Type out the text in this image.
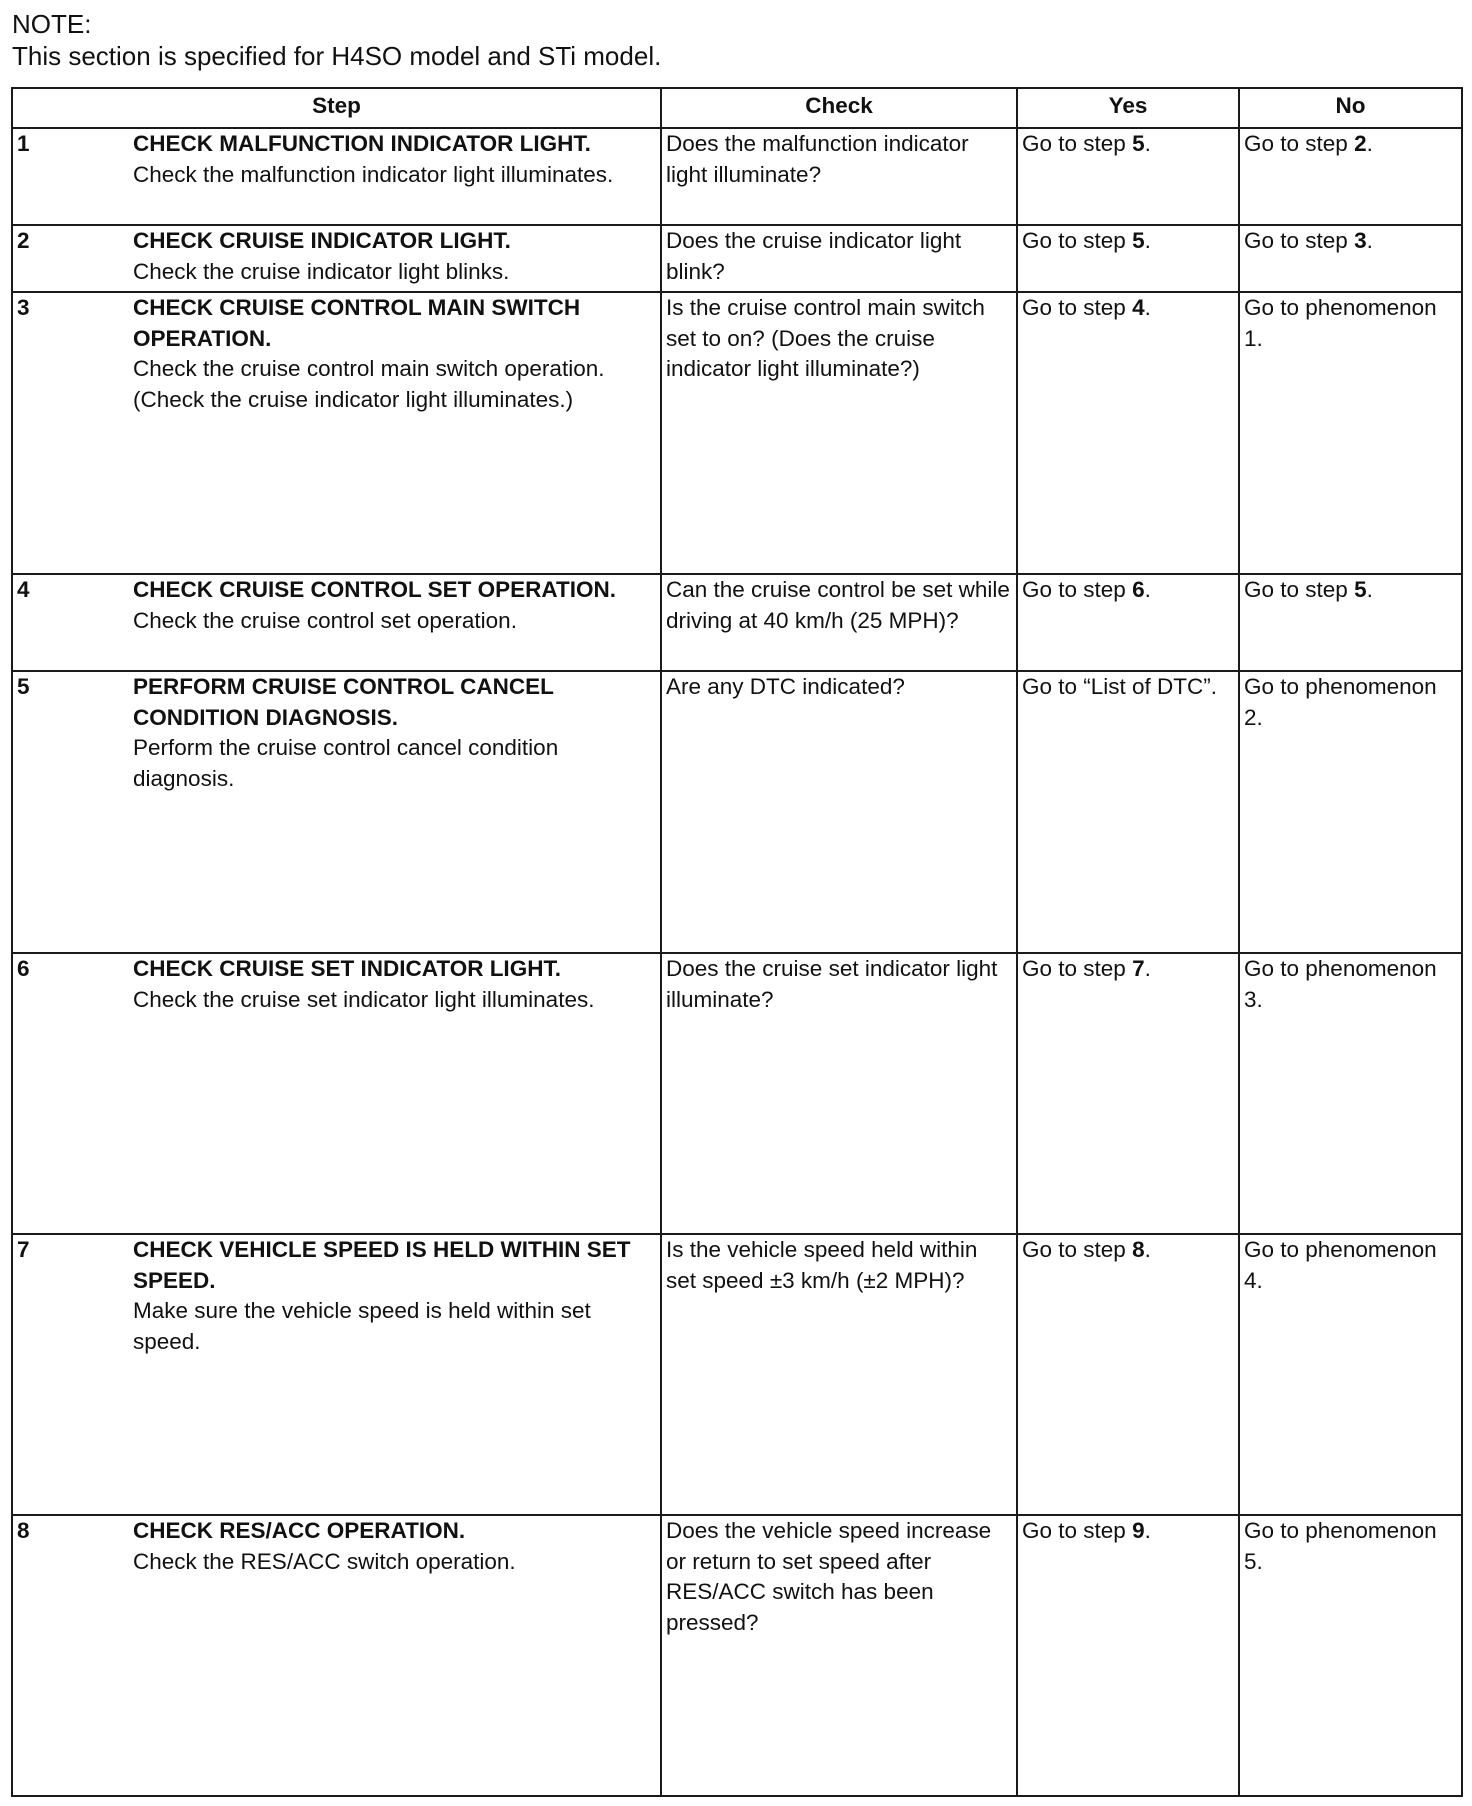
NOTE:
This section is specified for H4SO model and STi model.
Step	Check	Yes	No

1 CHECK MALFUNCTION INDICATOR LIGHT.
Check the malfunction indicator light illuminates.	Does the malfunction indicator light illuminate?	Go to step 5.	Go to step 2.

2 CHECK CRUISE INDICATOR LIGHT.
Check the cruise indicator light blinks.	Does the cruise indicator light blink?	Go to step 5.	Go to step 3.

3 CHECK CRUISE CONTROL MAIN SWITCH OPERATION.
Check the cruise control main switch operation. (Check the cruise indicator light illuminates.)	Is the cruise control main switch set to on? (Does the cruise indicator light illuminate?)	Go to step 4.	Go to phenomenon 1.

4 CHECK CRUISE CONTROL SET OPERATION.
Check the cruise control set operation.	Can the cruise control be set while driving at 40 km/h (25 MPH)?	Go to step 6.	Go to step 5.

5 PERFORM CRUISE CONTROL CANCEL CONDITION DIAGNOSIS.
Perform the cruise control cancel condition diagnosis.	Are any DTC indicated?	Go to “List of DTC”.	Go to phenomenon 2.

6 CHECK CRUISE SET INDICATOR LIGHT.
Check the cruise set indicator light illuminates.	Does the cruise set indicator light illuminate?	Go to step 7.	Go to phenomenon 3.

7 CHECK VEHICLE SPEED IS HELD WITHIN SET SPEED.
Make sure the vehicle speed is held within set speed.	Is the vehicle speed held within set speed ±3 km/h (±2 MPH)?	Go to step 8.	Go to phenomenon 4.

8 CHECK RES/ACC OPERATION.
Check the RES/ACC switch operation.	Does the vehicle speed increase or return to set speed after RES/ACC switch has been pressed?	Go to step 9.	Go to phenomenon 5.
